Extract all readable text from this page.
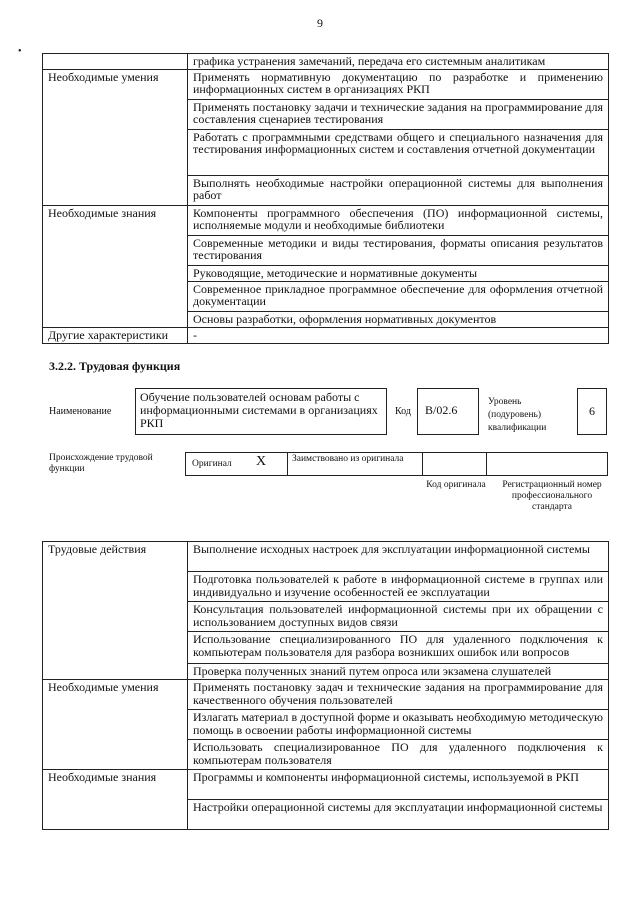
9
•
	графика устранения замечаний, передача его системным аналитикам
Необходимые умения	Применять нормативную документацию по разработке и применению информационных систем в организациях РКП
	Применять постановку задачи и технические задания на программирование для составления сценариев тестирования
	Работать с программными средствами общего и специального назначения для тестирования информационных систем и составления отчетной документации
	Выполнять необходимые настройки операционной системы для выполнения работ
Необходимые знания	Компоненты программного обеспечения (ПО) информационной системы, исполняемые модули и необходимые библиотеки
	Современные методики и виды тестирования, форматы описания результатов тестирования
	Руководящие, методические и нормативные документы
	Современное прикладное программное обеспечение для оформления отчетной документации
	Основы разработки, оформления нормативных документов
Другие характеристики	-
3.2.2. Трудовая функция
Наименование
Обучение пользователей основам работы с информационными системами в организациях РКП
Код	B/02.6
Уровень (подуровень) квалификации
6
Происхождение трудовой функции	Оригинал X	Заимствовано из оригинала
Код оригинала	Регистрационный номер профессионального стандарта
Трудовые действия	Выполнение исходных настроек для эксплуатации информационной системы
	Подготовка пользователей к работе в информационной системе в группах или индивидуально и изучение особенностей ее эксплуатации
	Консультация пользователей информационной системы при их обращении с использованием доступных видов связи
	Использование специализированного ПО для удаленного подключения к компьютерам пользователя для разбора возникших ошибок или вопросов
	Проверка полученных знаний путем опроса или экзамена слушателей
Необходимые умения	Применять постановку задач и технические задания на программирование для качественного обучения пользователей
	Излагать материал в доступной форме и оказывать необходимую методическую помощь в освоении работы информационной системы
	Использовать специализированное ПО для удаленного подключения к компьютерам пользователя
Необходимые знания	Программы и компоненты информационной системы, используемой в РКП
	Настройки операционной системы для эксплуатации информационной системы
